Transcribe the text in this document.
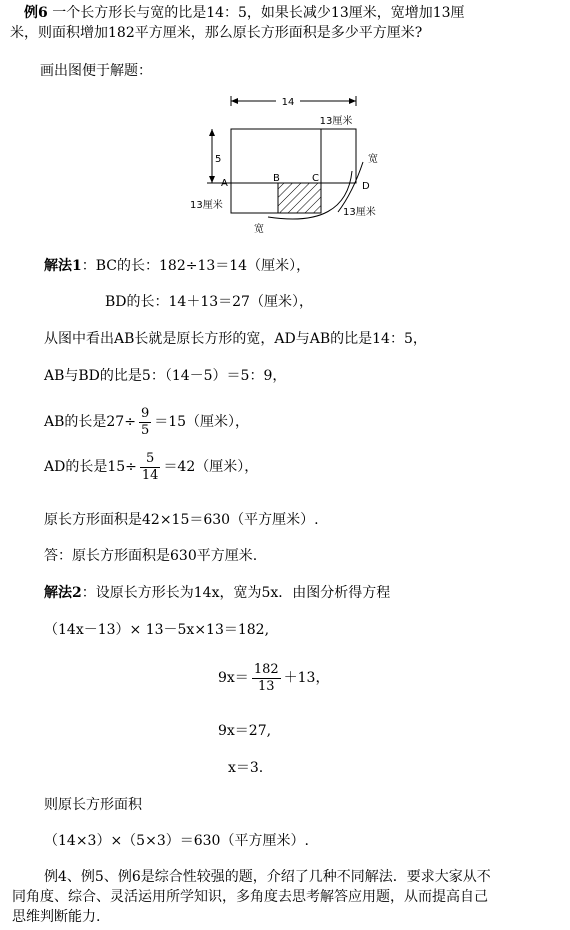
例6 一个长方形长与宽的比是14：5，如果长减少13厘米，宽增加13厘
米，则面积增加182平方厘米，那么原长方形面积是多少平方厘米?
画出图便于解题：
14
13厘米
5
A	B	C
D
宽
13厘米
13厘米
宽
解法1：BC的长：182÷13＝14（厘米），
BD的长：14＋13＝27（厘米），
从图中看出AB长就是原长方形的宽，AD与AB的比是14：5，
AB与BD的比是5：（14－5）＝5：9，
AB的长是$27\div \frac{9}{5} =15$（厘米），
AD的长是$15\div \frac{5}{14} =42$（厘米），
原长方形面积是42×15＝630（平方厘米）.
答：原长方形面积是630平方厘米.
解法2：设原长方形长为14x，宽为5x．由图分析得方程
（14x－13）× 13－5x×13＝182,
$9x= \frac{182}{13} +13$，
9x＝27,
x＝3.
则原长方形面积
（14×3）×（5×3）＝630（平方厘米）.
例4、例5、例6是综合性较强的题，介绍了几种不同解法．要求大家从不
同角度、综合、灵活运用所学知识，多角度去思考解答应用题，从而提高自己
思维判断能力.
